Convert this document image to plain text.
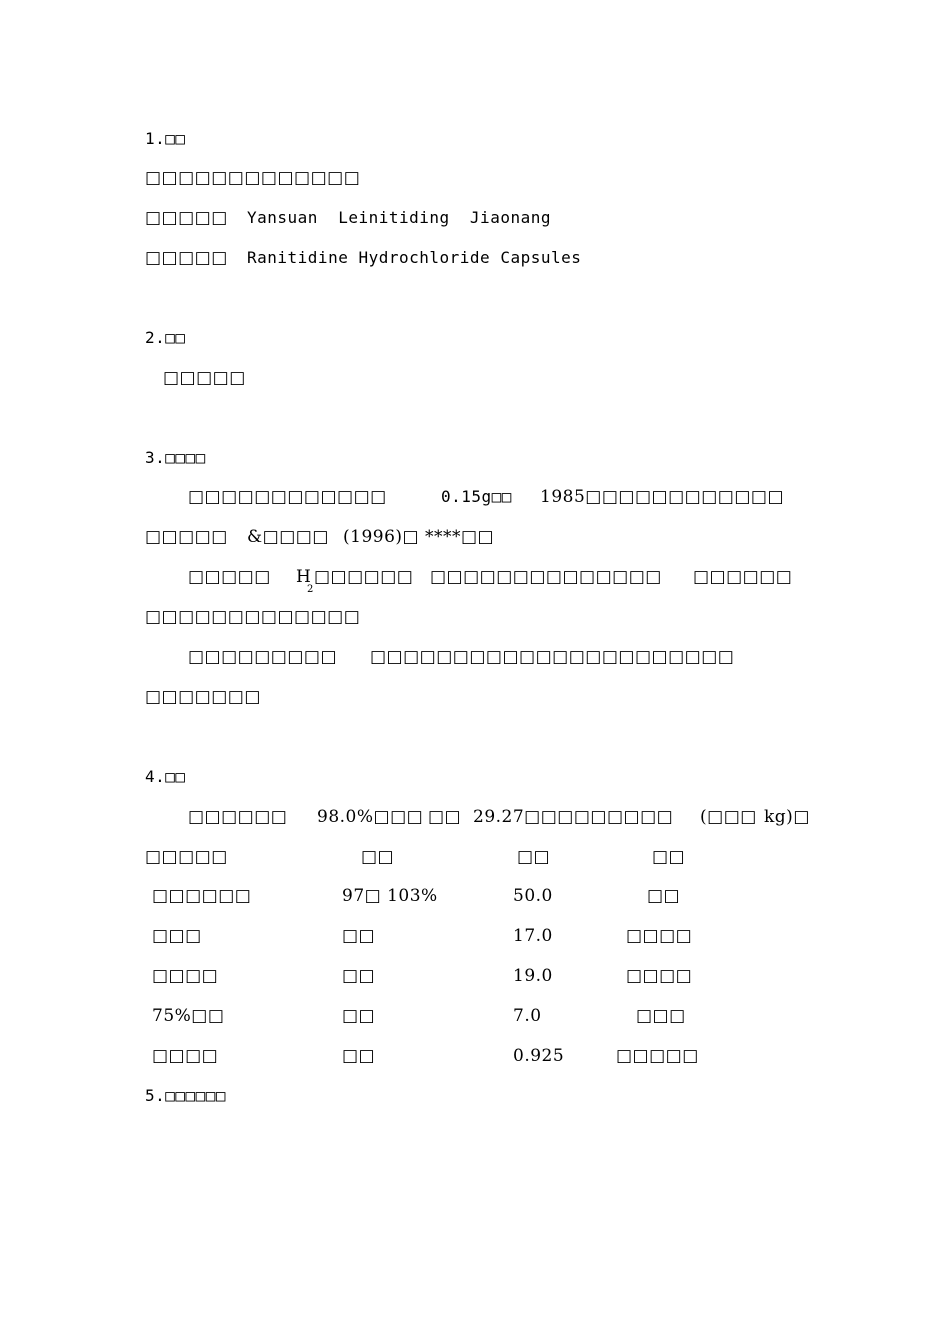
1.□□
□□□□□□□□□□□□□
□□□□□ Yansuan  Leinitiding  Jiaonang
□□□□□ Ranitidine Hydrochloride Capsules
2.□□
□□□□□
3.□□□□
□□□□□□□□□□□□	0.15g□□ 1985□□□□□□□□□□□□
□□□□□ &□□□□ (1996)□ ****□□
□□□□□ H
2
□□□□□□ □□□□□□□□□□□□□□ □□□□□□
□□□□□□□□□□□□□
□□□□□□□□□ □□□□□□□□□□□□□□□□□□□□□□
□□□□□□□
4.□□
□□□□□□ 98.0%□□□ □□ 29.27□□□□□□□□□ (□□□ kg)□
□□□□□	□□	□□	□□
□□□□□□	97□ 103%	50.0	□□
□□□	□□	17.0	□□□□
□□□□	□□	19.0	□□□□
75%□□	□□	7.0	□□□
□□□□	□□	0.925	□□□□□
5.□□□□□□
